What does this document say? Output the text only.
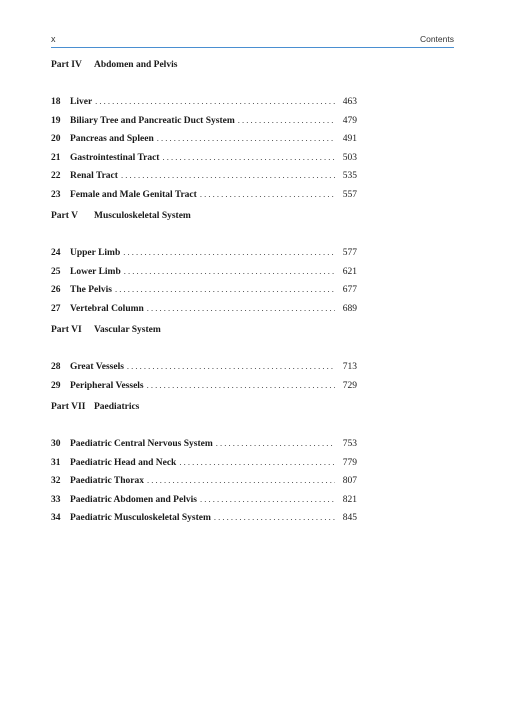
x	Contents
Part IV Abdomen and Pelvis
18	Liver . . .	463
19	Biliary Tree and Pancreatic Duct System . . .	479
20	Pancreas and Spleen . . .	491
21	Gastrointestinal Tract . . .	503
22	Renal Tract . . .	535
23	Female and Male Genital Tract . . .	557
Part V Musculoskeletal System
24	Upper Limb . . .	577
25	Lower Limb . . .	621
26	The Pelvis . . .	677
27	Vertebral Column . . .	689
Part VI Vascular System
28	Great Vessels . . .	713
29	Peripheral Vessels . . .	729
Part VII Paediatrics
30	Paediatric Central Nervous System . . .	753
31	Paediatric Head and Neck . . .	779
32	Paediatric Thorax . . .	807
33	Paediatric Abdomen and Pelvis . . .	821
34	Paediatric Musculoskeletal System . . .	845
